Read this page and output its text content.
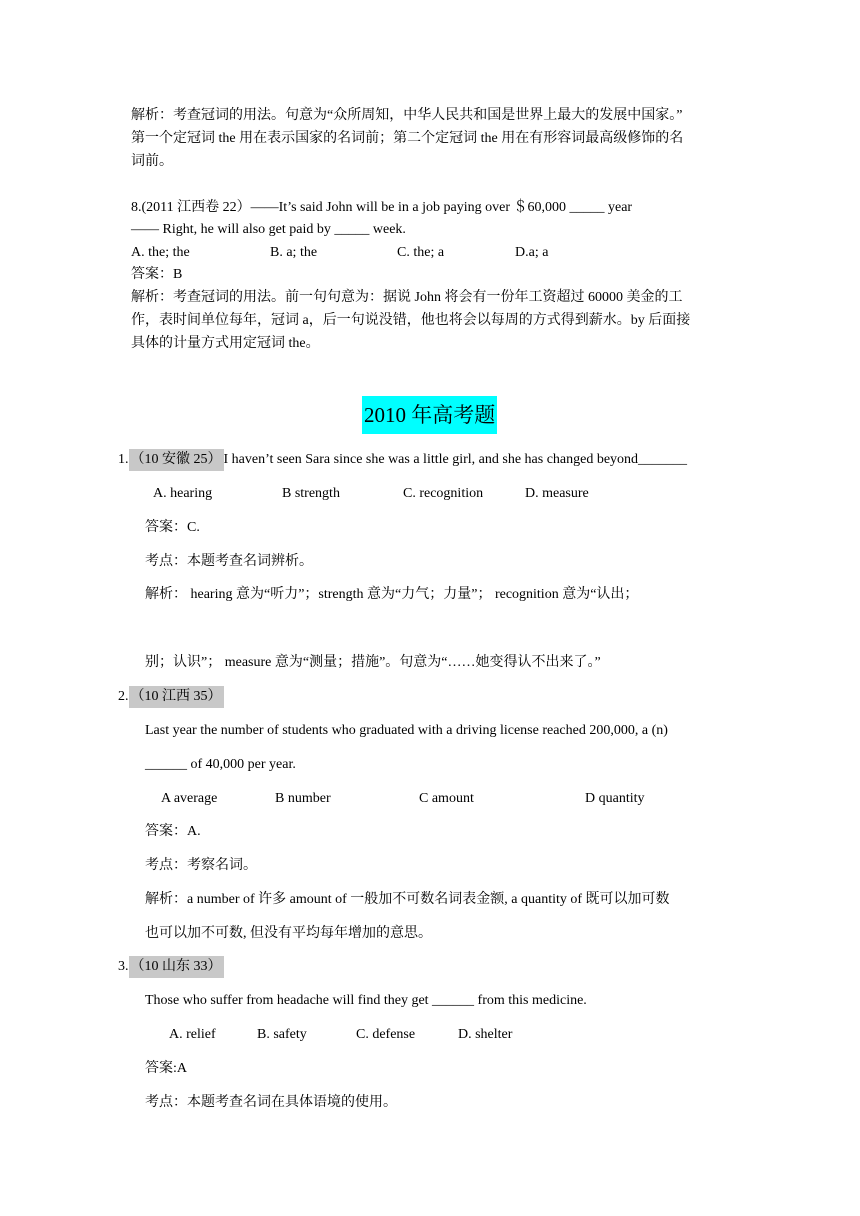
解析：考查冠词的用法。句意为“众所周知，中华人民共和国是世界上最大的发展中国家。”
第一个定冠词 the 用在表示国家的名词前；第二个定冠词 the 用在有形容词最高级修饰的名
词前。
8.(2011 江西卷 22）——It’s said John will be in a job paying over ＄60,000 _____ year
—— Right, he will also get paid by _____ week.
A. the; the	B. a; the	C. the; a	D.a; a
答案：B
解析：考查冠词的用法。前一句句意为：据说 John 将会有一份年工资超过 60000 美金的工
作，表时间单位每年，冠词 a，后一句说没错，他也将会以每周的方式得到薪水。by 后面接
具体的计量方式用定冠词 the。
2010 年高考题
1. （10 安徽 25） I haven’t seen Sara since she was a little girl, and she has changed beyond_______
A. hearing	B strength	C. recognition	D. measure
答案：C.
考点：本题考查名词辨析。
解析： hearing 意为“听力”；strength 意为“力气；力量”； recognition 意为“认出；
别；认识”； measure 意为“测量；措施”。句意为“……她变得认不出来了。”
2. （10 江西 35）
Last year the number of students who graduated with a driving license reached 200,000, a (n)
______ of 40,000 per year.
A average	B number	C amount	D quantity
答案：A.
考点：考察名词。
解析：a number of 许多 amount of 一般加不可数名词表金额, a quantity of 既可以加可数
也可以加不可数, 但没有平均每年增加的意思。
3. （10 山东 33）
Those who suffer from headache will find they get ______ from this medicine.
A. relief	B. safety	C. defense	D. shelter
答案:A
考点：本题考查名词在具体语境的使用。
